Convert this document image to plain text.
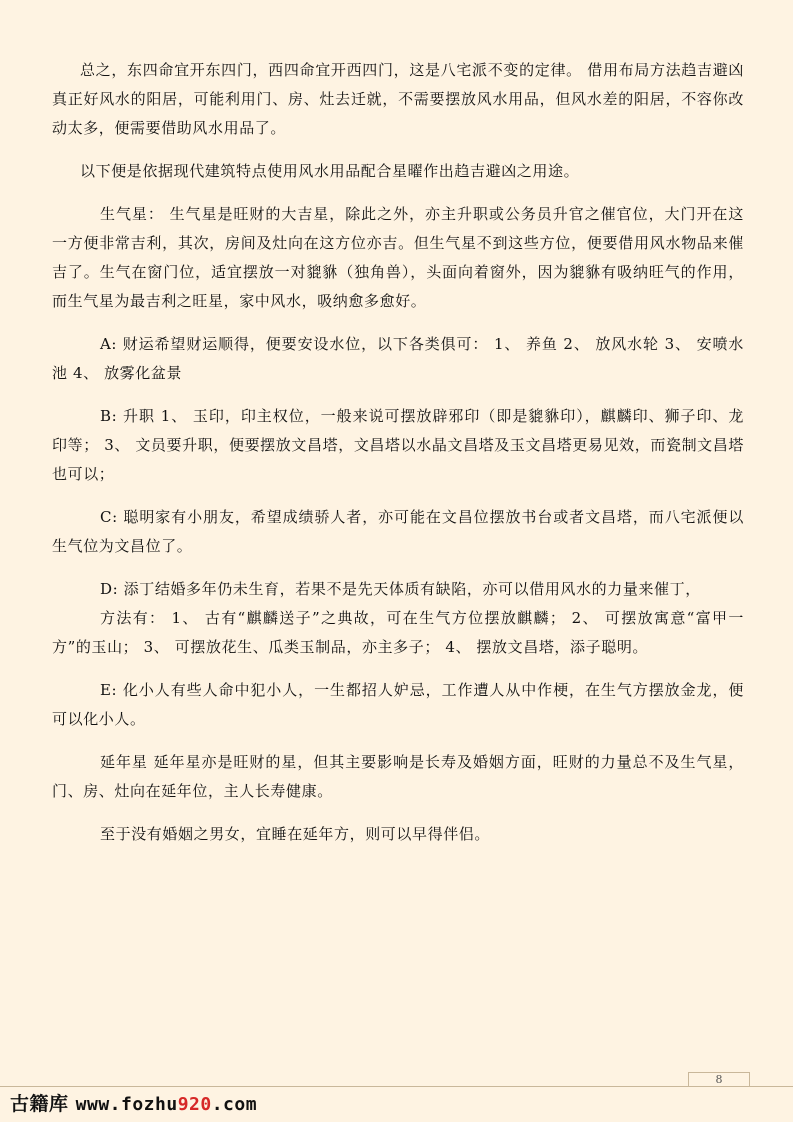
总之，东四命宜开东四门，西四命宜开西四门，这是八宅派不变的定律。 借用布局方法趋吉避凶真正好风水的阳居，可能利用门、房、灶去迁就，不需要摆放风水用品，但风水差的阳居，不容你改动太多，便需要借助风水用品了。

以下便是依据现代建筑特点使用风水用品配合星曜作出趋吉避凶之用途。

生气星： 生气星是旺财的大吉星，除此之外，亦主升职或公务员升官之催官位，大门开在这一方便非常吉利，其次，房间及灶向在这方位亦吉。但生气星不到这些方位，便要借用风水物品来催吉了。生气在窗门位，适宜摆放一对貔貅（独角兽），头面向着窗外，因为貔貅有吸纳旺气的作用，而生气星为最吉利之旺星，家中风水，吸纳愈多愈好。

A: 财运希望财运顺得，便要安设水位，以下各类俱可： 1、 养鱼 2、 放风水轮 3、 安喷水池 4、 放雾化盆景

B: 升职 1、 玉印，印主权位，一般来说可摆放辟邪印（即是貔貅印），麒麟印、狮子印、龙印等； 3、 文员要升职，便要摆放文昌塔，文昌塔以水晶文昌塔及玉文昌塔更易见效，而瓷制文昌塔也可以；

C: 聪明家有小朋友，希望成绩骄人者，亦可能在文昌位摆放书台或者文昌塔，而八宅派便以生气位为文昌位了。

D: 添丁结婚多年仍未生育，若果不是先天体质有缺陷，亦可以借用风水的力量来催丁，

方法有： 1、 古有“麒麟送子”之典故，可在生气方位摆放麒麟； 2、 可摆放寓意“富甲一方”的玉山； 3、 可摆放花生、瓜类玉制品，亦主多子； 4、 摆放文昌塔，添子聪明。

E: 化小人有些人命中犯小人，一生都招人妒忌，工作遭人从中作梗，在生气方摆放金龙，便可以化小人。

延年星 延年星亦是旺财的星，但其主要影响是长寿及婚姻方面，旺财的力量总不及生气星，门、房、灶向在延年位，主人长寿健康。

至于没有婚姻之男女，宜睡在延年方，则可以早得伴侣。

8
古籍库 www.fozhu920.com
